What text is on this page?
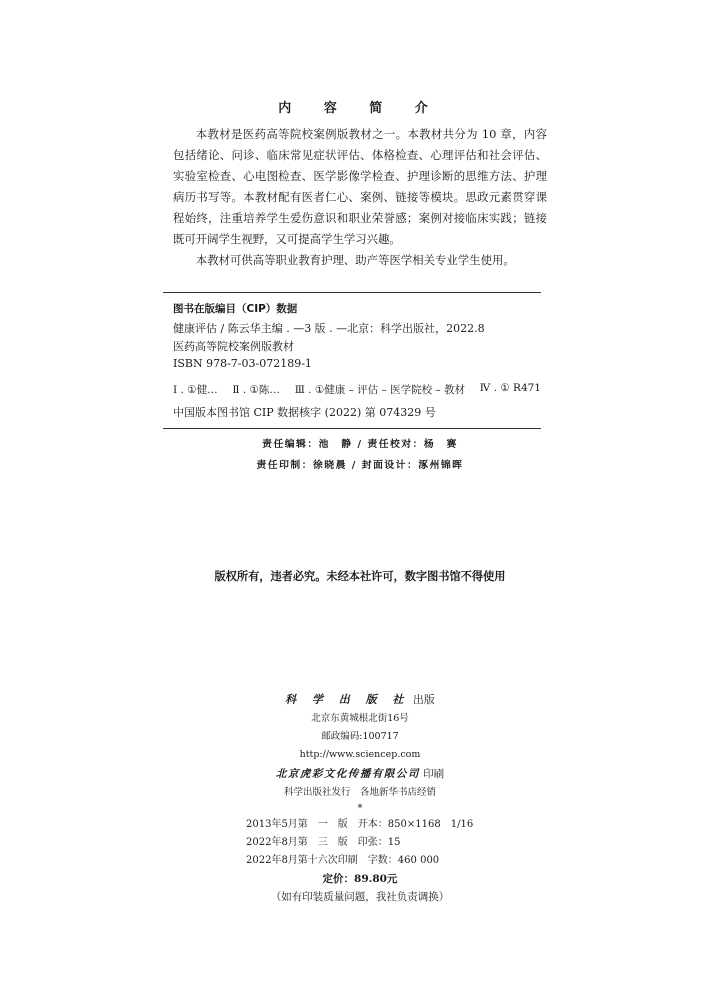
内 容 简 介

本教材是医药高等院校案例版教材之一。本教材共分为 10 章，内容包括绪论、问诊、临床常见症状评估、体格检查、心理评估和社会评估、实验室检查、心电图检查、医学影像学检查、护理诊断的思维方法、护理病历书写等。本教材配有医者仁心、案例、链接等模块。思政元素贯穿课程始终，注重培养学生爱伤意识和职业荣誉感；案例对接临床实践；链接既可开阔学生视野，又可提高学生学习兴趣。

本教材可供高等职业教育护理、助产等医学相关专业学生使用。

图书在版编目（CIP）数据
健康评估 / 陈云华主编 . —3 版 . —北京：科学出版社，2022.8
医药高等院校案例版教材
ISBN 978-7-03-072189-1
Ⅰ . ①健… Ⅱ . ①陈… Ⅲ . ①健康 – 评估 – 医学院校 – 教材 Ⅳ . ① R471
中国版本图书馆 CIP 数据核字 (2022) 第 074329 号
责任编辑：池　静 / 责任校对：杨　赛
责任印制：徐晓晨 / 封面设计：涿州锦晖
版权所有，违者必究。未经本社许可，数字图书馆不得使用
科 学 出 版 社 出版
北京东黄城根北街16号
邮政编码:100717
http://www.sciencep.com
北京虎彩文化传播有限公司 印刷
科学出版社发行　各地新华书店经销
*
2013年5月第　一　版　开本：850×1168　1/16
2022年8月第　三　版　印张：15
2022年8月第十六次印刷　字数：460 000
定价：89.80元
（如有印装质量问题，我社负责调换）
